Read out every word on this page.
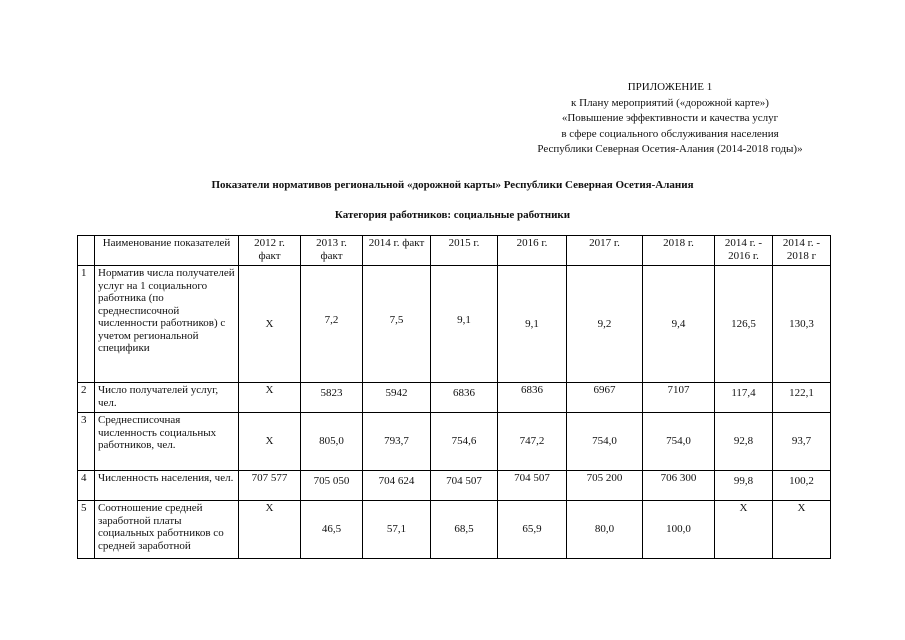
ПРИЛОЖЕНИЕ 1
к Плану мероприятий («дорожной карте»)
«Повышение эффективности и качества услуг
в сфере социального обслуживания населения
Республики Северная Осетия-Алания (2014-2018 годы)»
Показатели нормативов региональной «дорожной карты» Республики Северная Осетия-Алания
Категория работников: социальные работники
	Наименование показателей	2012 г. факт	2013 г. факт	2014 г. факт	2015 г.	2016 г.	2017 г.	2018 г.	2014 г. - 2016 г.	2014 г. - 2018 г
1	Норматив числа получателей услуг на 1 социального работника (по среднесписочной численности работников) с учетом региональной специфики	Х	7,2	7,5	9,1	9,1	9,2	9,4	126,5	130,3
2	Число получателей услуг, чел.	Х	5823	5942	6836	6836	6967	7107	117,4	122,1
3	Среднесписочная численность социальных работников, чел.	Х	805,0	793,7	754,6	747,2	754,0	754,0	92,8	93,7
4	Численность населения, чел.	707 577	705 050	704 624	704 507	704 507	705 200	706 300	99,8	100,2
5	Соотношение средней заработной платы социальных работников со средней заработной	Х	46,5	57,1	68,5	65,9	80,0	100,0	Х	Х
